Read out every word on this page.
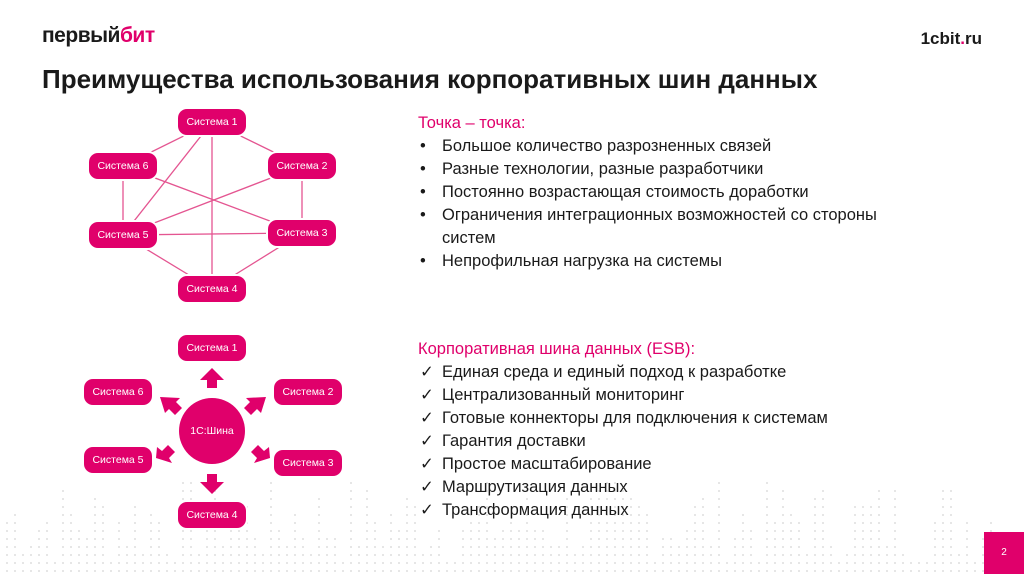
первыйбит	1cbit.ru
Преимущества использования корпоративных шин данных
Система 1
Система 2
Система 3
Система 4
Система 5
Система 6
1С:Шина
Система 1
Система 2
Система 3
Система 4
Система 5
Система 6
Точка – точка:
• Большое количество разрозненных связей
• Разные технологии, разные разработчики
• Постоянно возрастающая стоимость доработки
• Ограничения интеграционных возможностей со стороны систем
• Непрофильная нагрузка на системы
Корпоративная шина данных (ESB):
✓ Единая среда и единый подход к разработке
✓ Централизованный мониторинг
✓ Готовые коннекторы для подключения к системам
✓ Гарантия доставки
✓ Простое масштабирование
✓ Маршрутизация данных
✓ Трансформация данных
2
